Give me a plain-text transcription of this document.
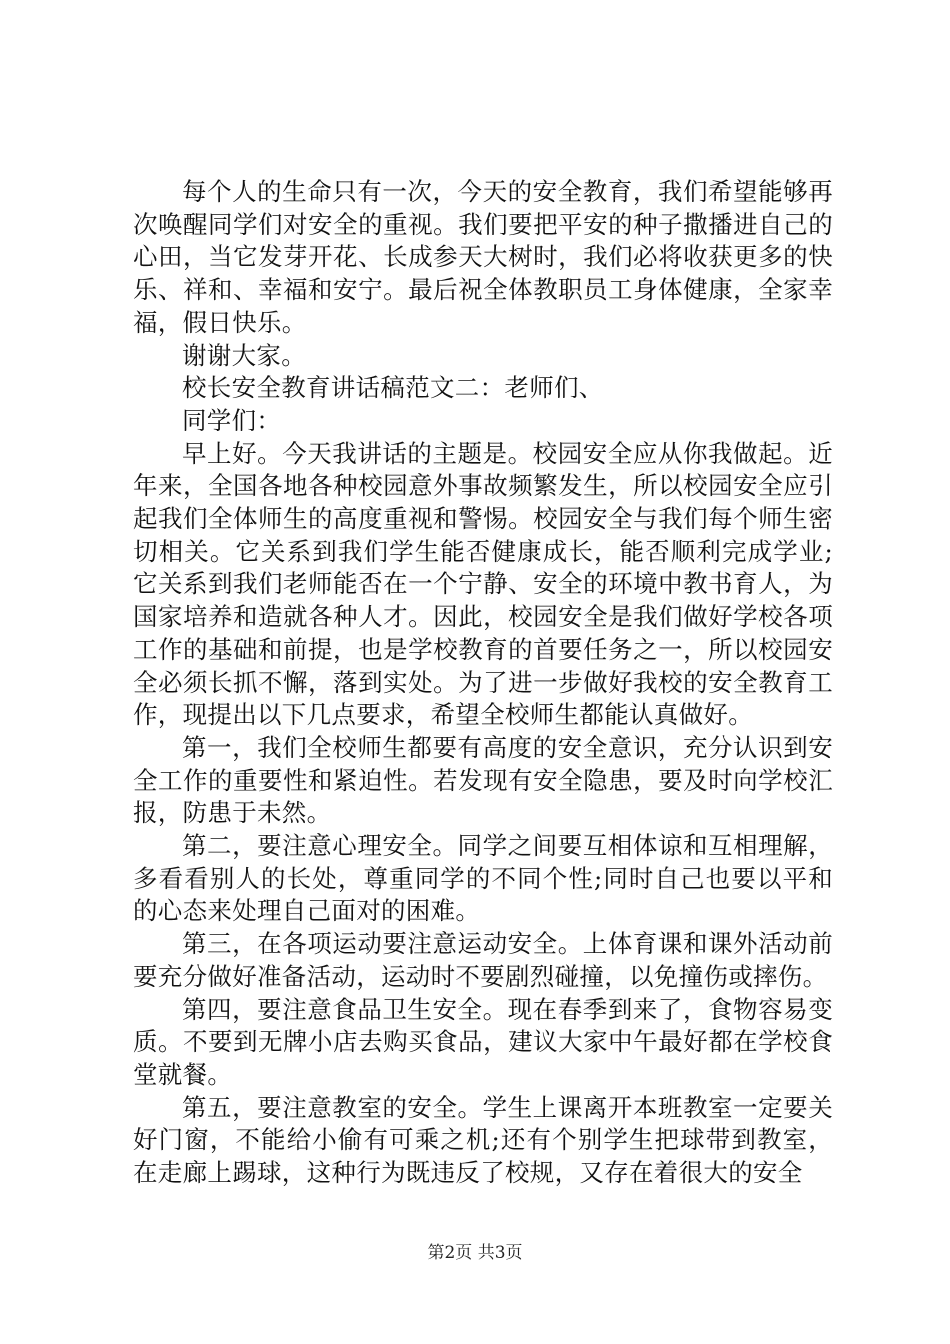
每个人的生命只有一次，今天的安全教育，我们希望能够再次唤醒同学们对安全的重视。我们要把平安的种子撒播进自己的心田，当它发芽开花、长成参天大树时，我们必将收获更多的快乐、祥和、幸福和安宁。最后祝全体教职员工身体健康，全家幸福，假日快乐。

谢谢大家。

校长安全教育讲话稿范文二：老师们、

同学们：

早上好。今天我讲话的主题是。校园安全应从你我做起。近年来，全国各地各种校园意外事故频繁发生，所以校园安全应引起我们全体师生的高度重视和警惕。校园安全与我们每个师生密切相关。它关系到我们学生能否健康成长，能否顺利完成学业;它关系到我们老师能否在一个宁静、安全的环境中教书育人，为国家培养和造就各种人才。因此，校园安全是我们做好学校各项工作的基础和前提，也是学校教育的首要任务之一，所以校园安全必须长抓不懈，落到实处。为了进一步做好我校的安全教育工作，现提出以下几点要求，希望全校师生都能认真做好。

第一，我们全校师生都要有高度的安全意识，充分认识到安全工作的重要性和紧迫性。若发现有安全隐患，要及时向学校汇报，防患于未然。

第二，要注意心理安全。同学之间要互相体谅和互相理解，多看看别人的长处，尊重同学的不同个性;同时自己也要以平和的心态来处理自己面对的困难。

第三，在各项运动要注意运动安全。上体育课和课外活动前要充分做好准备活动，运动时不要剧烈碰撞，以免撞伤或摔伤。

第四，要注意食品卫生安全。现在春季到来了，食物容易变质。不要到无牌小店去购买食品，建议大家中午最好都在学校食堂就餐。

第五，要注意教室的安全。学生上课离开本班教室一定要关好门窗，不能给小偷有可乘之机;还有个别学生把球带到教室，在走廊上踢球，这种行为既违反了校规，又存在着很大的安全

第2页 共3页
